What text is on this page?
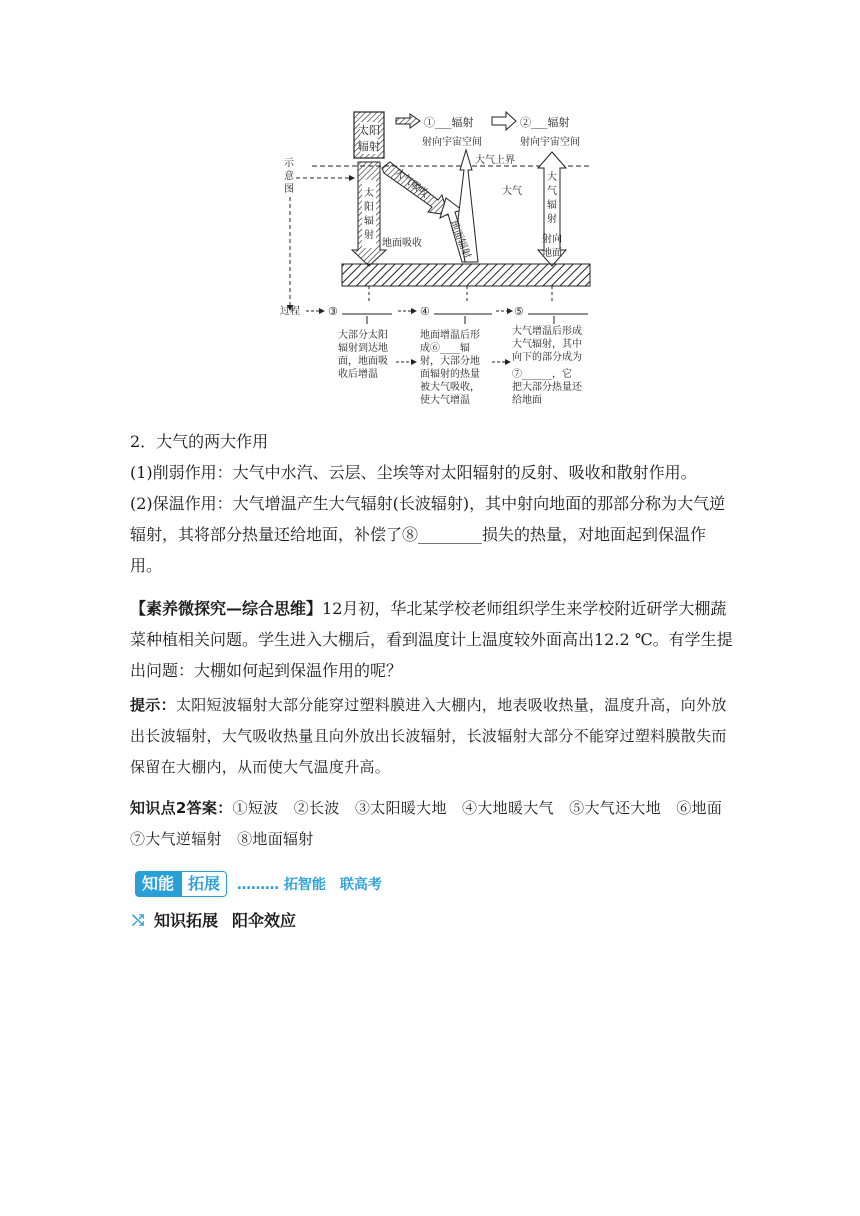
太阳
辐射
①___辐射
射向宇宙空间
②___辐射
射向宇宙空间
大气上界
大气
示
意
图	太
阳
辐
射
地面吸收
大气吸收
地面辐射
大
气
辐
射
射向
地面
过程	③	④	⑤
大部分太阳
辐射到达地
面，地面吸
收后增温
地面增温后形
成⑥____辐
射，大部分地
面辐射的热量
被大气吸收，
使大气增温
大气增温后形成
大气辐射，其中
向下的部分成为
⑦______，它
把大部分热量还
给地面
2．大气的两大作用
(1)削弱作用：大气中水汽、云层、尘埃等对太阳辐射的反射、吸收和散射作用。
(2)保温作用：大气增温产生大气辐射(长波辐射)，其中射向地面的那部分称为大气逆辐射，其将部分热量还给地面，补偿了⑧________损失的热量，对地面起到保温作用。
【素养微探究—综合思维】12月初，华北某学校老师组织学生来学校附近研学大棚蔬菜种植相关问题。学生进入大棚后，看到温度计上温度较外面高出12.2 ℃。有学生提出问题：大棚如何起到保温作用的呢？
提示：太阳短波辐射大部分能穿过塑料膜进入大棚内，地表吸收热量，温度升高，向外放出长波辐射，大气吸收热量且向外放出长波辐射，长波辐射大部分不能穿过塑料膜散失而保留在大棚内，从而使大气温度升高。
知识点2答案：①短波　②长波　③太阳暖大地　④大地暖大气　⑤大气还大地　⑥地面　⑦大气逆辐射　⑧地面辐射
知能 拓展	……… 拓智能　联高考
⤭ 知识拓展 阳伞效应
